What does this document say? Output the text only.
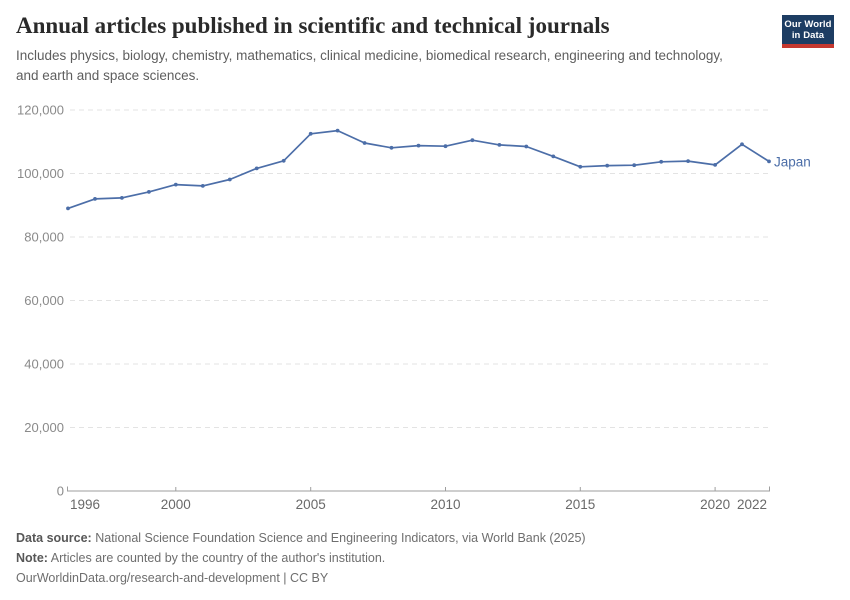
Annual articles published in scientific and technical journals
Includes physics, biology, chemistry, mathematics, clinical medicine, biomedical research, engineering and technology, and earth and space sciences.
Our World
in Data
0
20,000
40,000
60,000
80,000
100,000
120,000
1996	2000	2005	2010	2015	2020 2022
Japan
Data source: National Science Foundation Science and Engineering Indicators, via World Bank (2025)
Note: Articles are counted by the country of the author's institution.
OurWorldinData.org/research-and-development | CC BY
